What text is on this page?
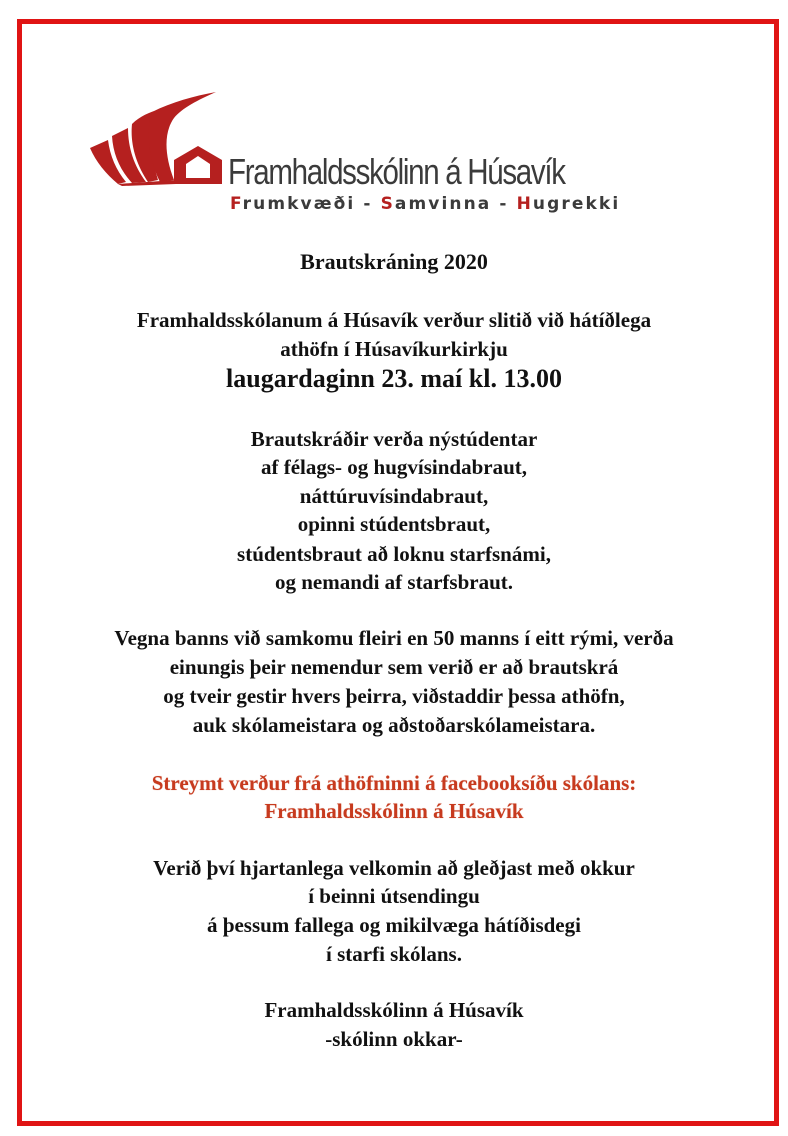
Framhaldsskólinn á Húsavík
Frumkvæði - Samvinna - Hugrekki
Brautskráning 2020
Framhaldsskólanum á Húsavík verður slitið við hátíðlega
athöfn í Húsavíkurkirkju
laugardaginn 23. maí kl. 13.00
Brautskráðir verða nýstúdentar
af félags- og hugvísindabraut,
náttúruvísindabraut,
opinni stúdentsbraut,
stúdentsbraut að loknu starfsnámi,
og nemandi af starfsbraut.
Vegna banns við samkomu fleiri en 50 manns í eitt rými, verða
einungis þeir nemendur sem verið er að brautskrá
og tveir gestir hvers þeirra, viðstaddir þessa athöfn,
auk skólameistara og aðstoðarskólameistara.
Streymt verður frá athöfninni á facebooksíðu skólans:
Framhaldsskólinn á Húsavík
Verið því hjartanlega velkomin að gleðjast með okkur
í beinni útsendingu
á þessum fallega og mikilvæga hátíðisdegi
í starfi skólans.
Framhaldsskólinn á Húsavík
-skólinn okkar-
